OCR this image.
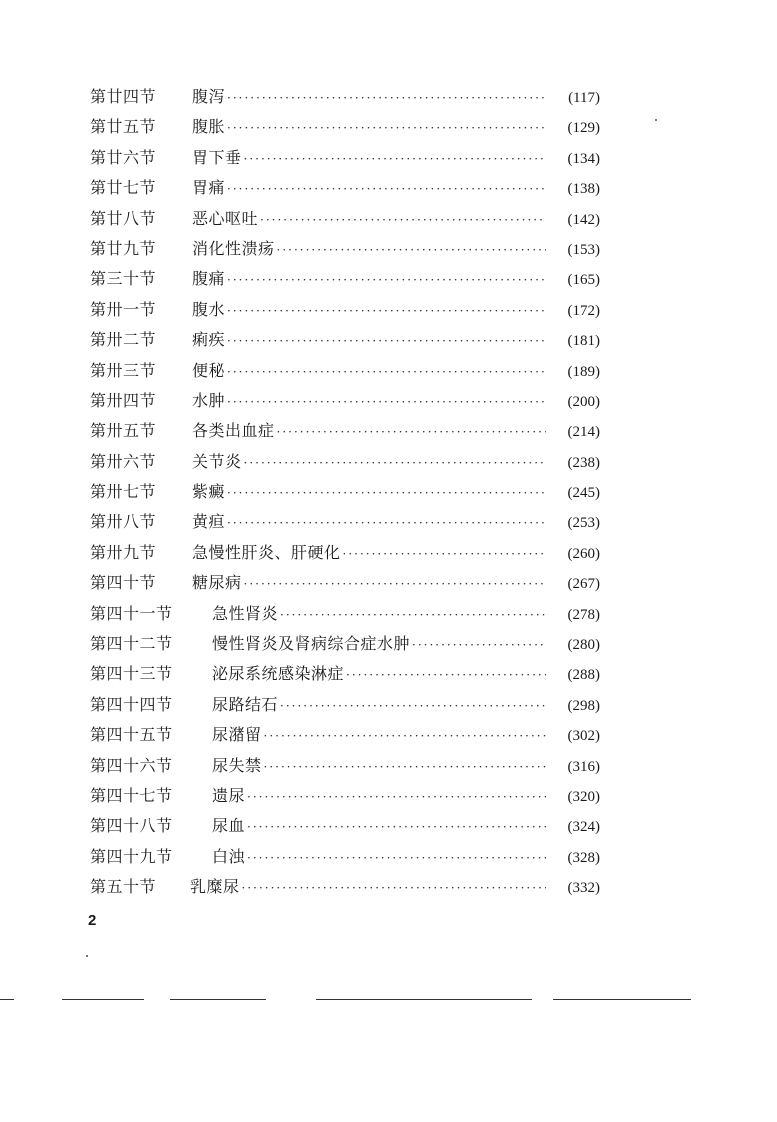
第廿四节	腹泻 ·····	(117)
第廿五节	腹胀 ·····	(129)
第廿六节	胃下垂 ·····	(134)
第廿七节	胃痛 ·····	(138)
第廿八节	恶心呕吐 ·····	(142)
第廿九节	消化性溃疡 ·····	(153)
第三十节	腹痛 ·····	(165)
第卅一节	腹水 ·····	(172)
第卅二节	痢疾 ·····	(181)
第卅三节	便秘 ·····	(189)
第卅四节	水肿 ·····	(200)
第卅五节	各类出血症 ·····	(214)
第卅六节	关节炎 ·····	(238)
第卅七节	紫癜 ·····	(245)
第卅八节	黄疸 ·····	(253)
第卅九节	急慢性肝炎、肝硬化 ·····	(260)
第四十节	糖尿病 ·····	(267)
第四十一节	急性肾炎 ·····	(278)
第四十二节	慢性肾炎及肾病综合症水肿 ·····	(280)
第四十三节	泌尿系统感染淋症 ·····	(288)
第四十四节	尿路结石 ·····	(298)
第四十五节	尿潴留 ·····	(302)
第四十六节	尿失禁 ·····	(316)
第四十七节	遗尿 ·····	(320)
第四十八节	尿血 ·····	(324)
第四十九节	白浊 ·····	(328)
第五十节	乳糜尿 ·····	(332)
2
